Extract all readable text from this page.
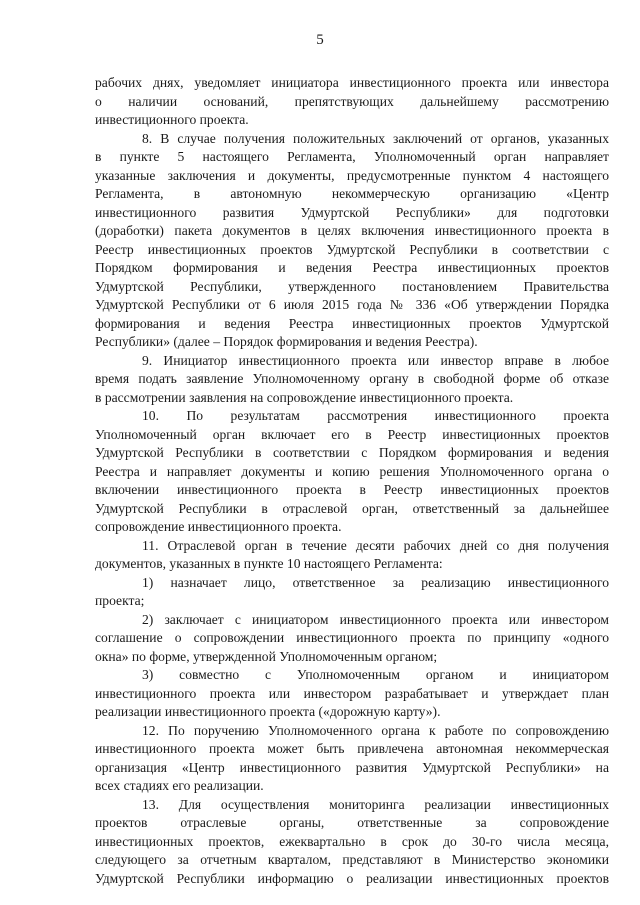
5

рабочих днях, уведомляет инициатора инвестиционного проекта или инвестора

о наличии оснований, препятствующих дальнейшему рассмотрению

инвестиционного проекта.

8. В случае получения положительных заключений от органов, указанных

в пункте 5 настоящего Регламента, Уполномоченный орган направляет

указанные заключения и документы, предусмотренные пунктом 4 настоящего

Регламента, в автономную некоммерческую организацию «Центр

инвестиционного развития Удмуртской Республики» для подготовки

(доработки) пакета документов в целях включения инвестиционного проекта в

Реестр инвестиционных проектов Удмуртской Республики в соответствии с

Порядком формирования и ведения Реестра инвестиционных проектов

Удмуртской Республики, утвержденного постановлением Правительства

Удмуртской Республики от 6 июля 2015 года № 336 «Об утверждении Порядка

формирования и ведения Реестра инвестиционных проектов Удмуртской

Республики» (далее – Порядок формирования и ведения Реестра).

9. Инициатор инвестиционного проекта или инвестор вправе в любое

время подать заявление Уполномоченному органу в свободной форме об отказе

в рассмотрении заявления на сопровождение инвестиционного проекта.

10. По результатам рассмотрения инвестиционного проекта

Уполномоченный орган включает его в Реестр инвестиционных проектов

Удмуртской Республики в соответствии с Порядком формирования и ведения

Реестра и направляет документы и копию решения Уполномоченного органа о

включении инвестиционного проекта в Реестр инвестиционных проектов

Удмуртской Республики в отраслевой орган, ответственный за дальнейшее

сопровождение инвестиционного проекта.

11. Отраслевой орган в течение десяти рабочих дней со дня получения

документов, указанных в пункте 10 настоящего Регламента:

1) назначает лицо, ответственное за реализацию инвестиционного

проекта;

2) заключает с инициатором инвестиционного проекта или инвестором

соглашение о сопровождении инвестиционного проекта по принципу «одного

окна» по форме, утвержденной Уполномоченным органом;

3) совместно с Уполномоченным органом и инициатором

инвестиционного проекта или инвестором разрабатывает и утверждает план

реализации инвестиционного проекта («дорожную карту»).

12. По поручению Уполномоченного органа к работе по сопровождению

инвестиционного проекта может быть привлечена автономная некоммерческая

организация «Центр инвестиционного развития Удмуртской Республики» на

всех стадиях его реализации.

13. Для осуществления мониторинга реализации инвестиционных

проектов отраслевые органы, ответственные за сопровождение

инвестиционных проектов, ежеквартально в срок до 30-го числа месяца,

следующего за отчетным кварталом, представляют в Министерство экономики

Удмуртской Республики информацию о реализации инвестиционных проектов
